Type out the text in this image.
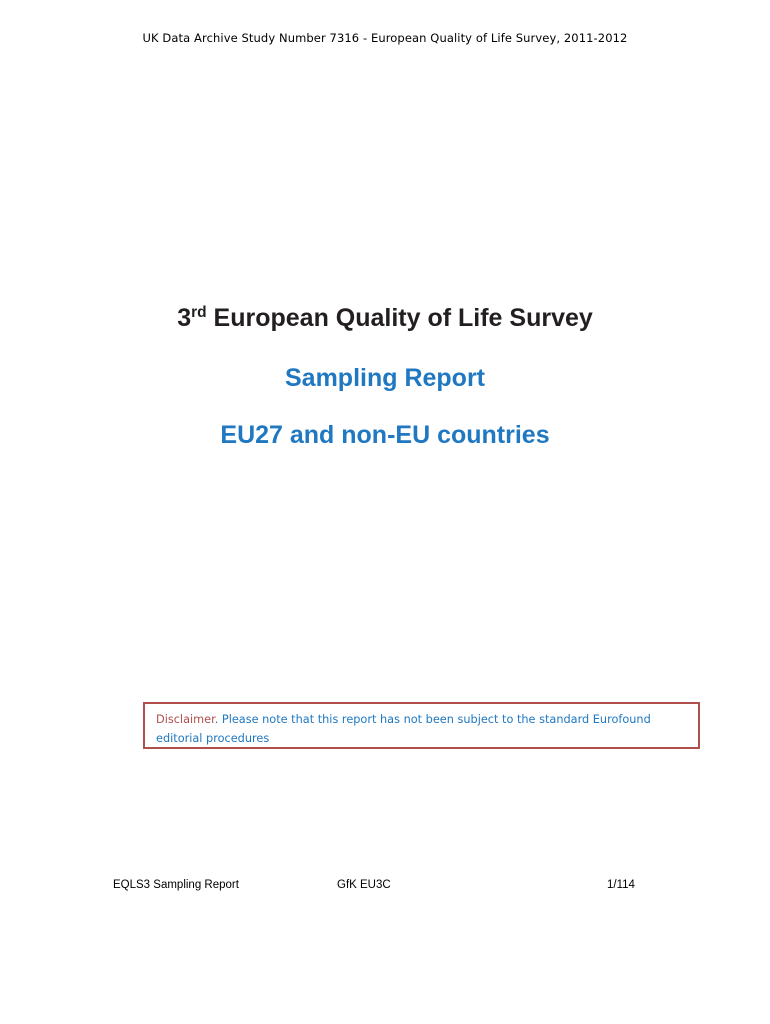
UK Data Archive Study Number 7316 - European Quality of Life Survey, 2011-2012
3rd European Quality of Life Survey
Sampling Report
EU27 and non-EU countries
Disclaimer. Please note that this report has not been subject to the standard Eurofound editorial procedures
EQLS3 Sampling Report	GfK EU3C	1/114
